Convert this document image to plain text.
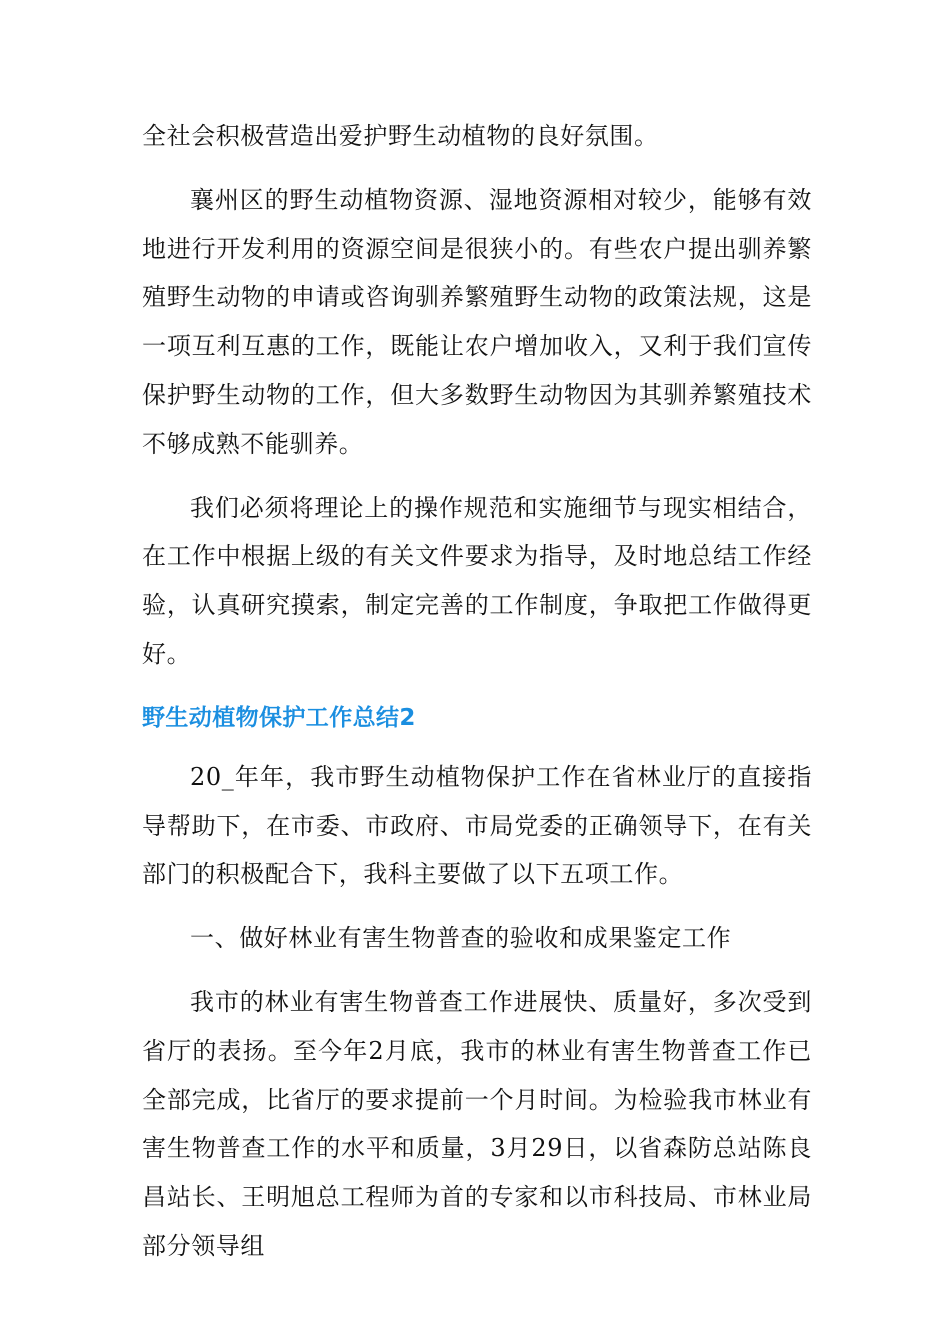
全社会积极营造出爱护野生动植物的良好氛围。

襄州区的野生动植物资源、湿地资源相对较少，能够有效地进行开发利用的资源空间是很狭小的。有些农户提出驯养繁殖野生动物的申请或咨询驯养繁殖野生动物的政策法规，这是一项互利互惠的工作，既能让农户增加收入，又利于我们宣传保护野生动物的工作，但大多数野生动物因为其驯养繁殖技术不够成熟不能驯养。

我们必须将理论上的操作规范和实施细节与现实相结合，在工作中根据上级的有关文件要求为指导，及时地总结工作经验，认真研究摸索，制定完善的工作制度，争取把工作做得更好。

野生动植物保护工作总结2

20_年年，我市野生动植物保护工作在省林业厅的直接指导帮助下，在市委、市政府、市局党委的正确领导下，在有关部门的积极配合下，我科主要做了以下五项工作。

一、做好林业有害生物普查的验收和成果鉴定工作

我市的林业有害生物普查工作进展快、质量好，多次受到省厅的表扬。至今年2月底，我市的林业有害生物普查工作已全部完成，比省厅的要求提前一个月时间。为检验我市林业有害生物普查工作的水平和质量，3月29日，以省森防总站陈良昌站长、王明旭总工程师为首的专家和以市科技局、市林业局部分领导组
